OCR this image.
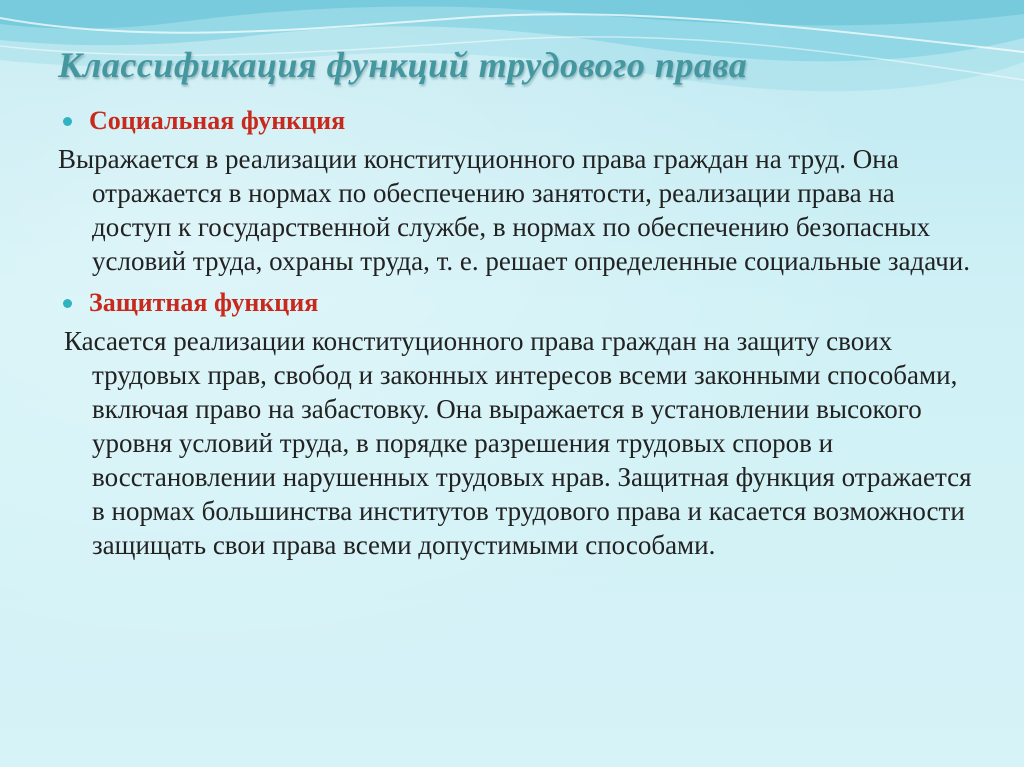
Классификация функций трудового права
Социальная функция

Выражается в реализации конституционного права граждан на труд. Она отражается в нормах по обеспечению занятости, реализации права на доступ к государственной службе, в нормах по обеспечению безопасных условий труда, охраны труда, т. е. решает определенные социальные задачи.

Защитная функция

Касается реализации конституционного права граждан на защиту своих трудовых прав, свобод и законных интересов всеми законными способами, включая право на забастовку. Она выражается в установлении высокого уровня условий труда, в порядке разрешения трудовых споров и восстановлении нарушенных трудовых нрав. Защитная функция отражается в нормах большинства институтов трудового права и касается возможности защищать свои права всеми допустимыми способами.
